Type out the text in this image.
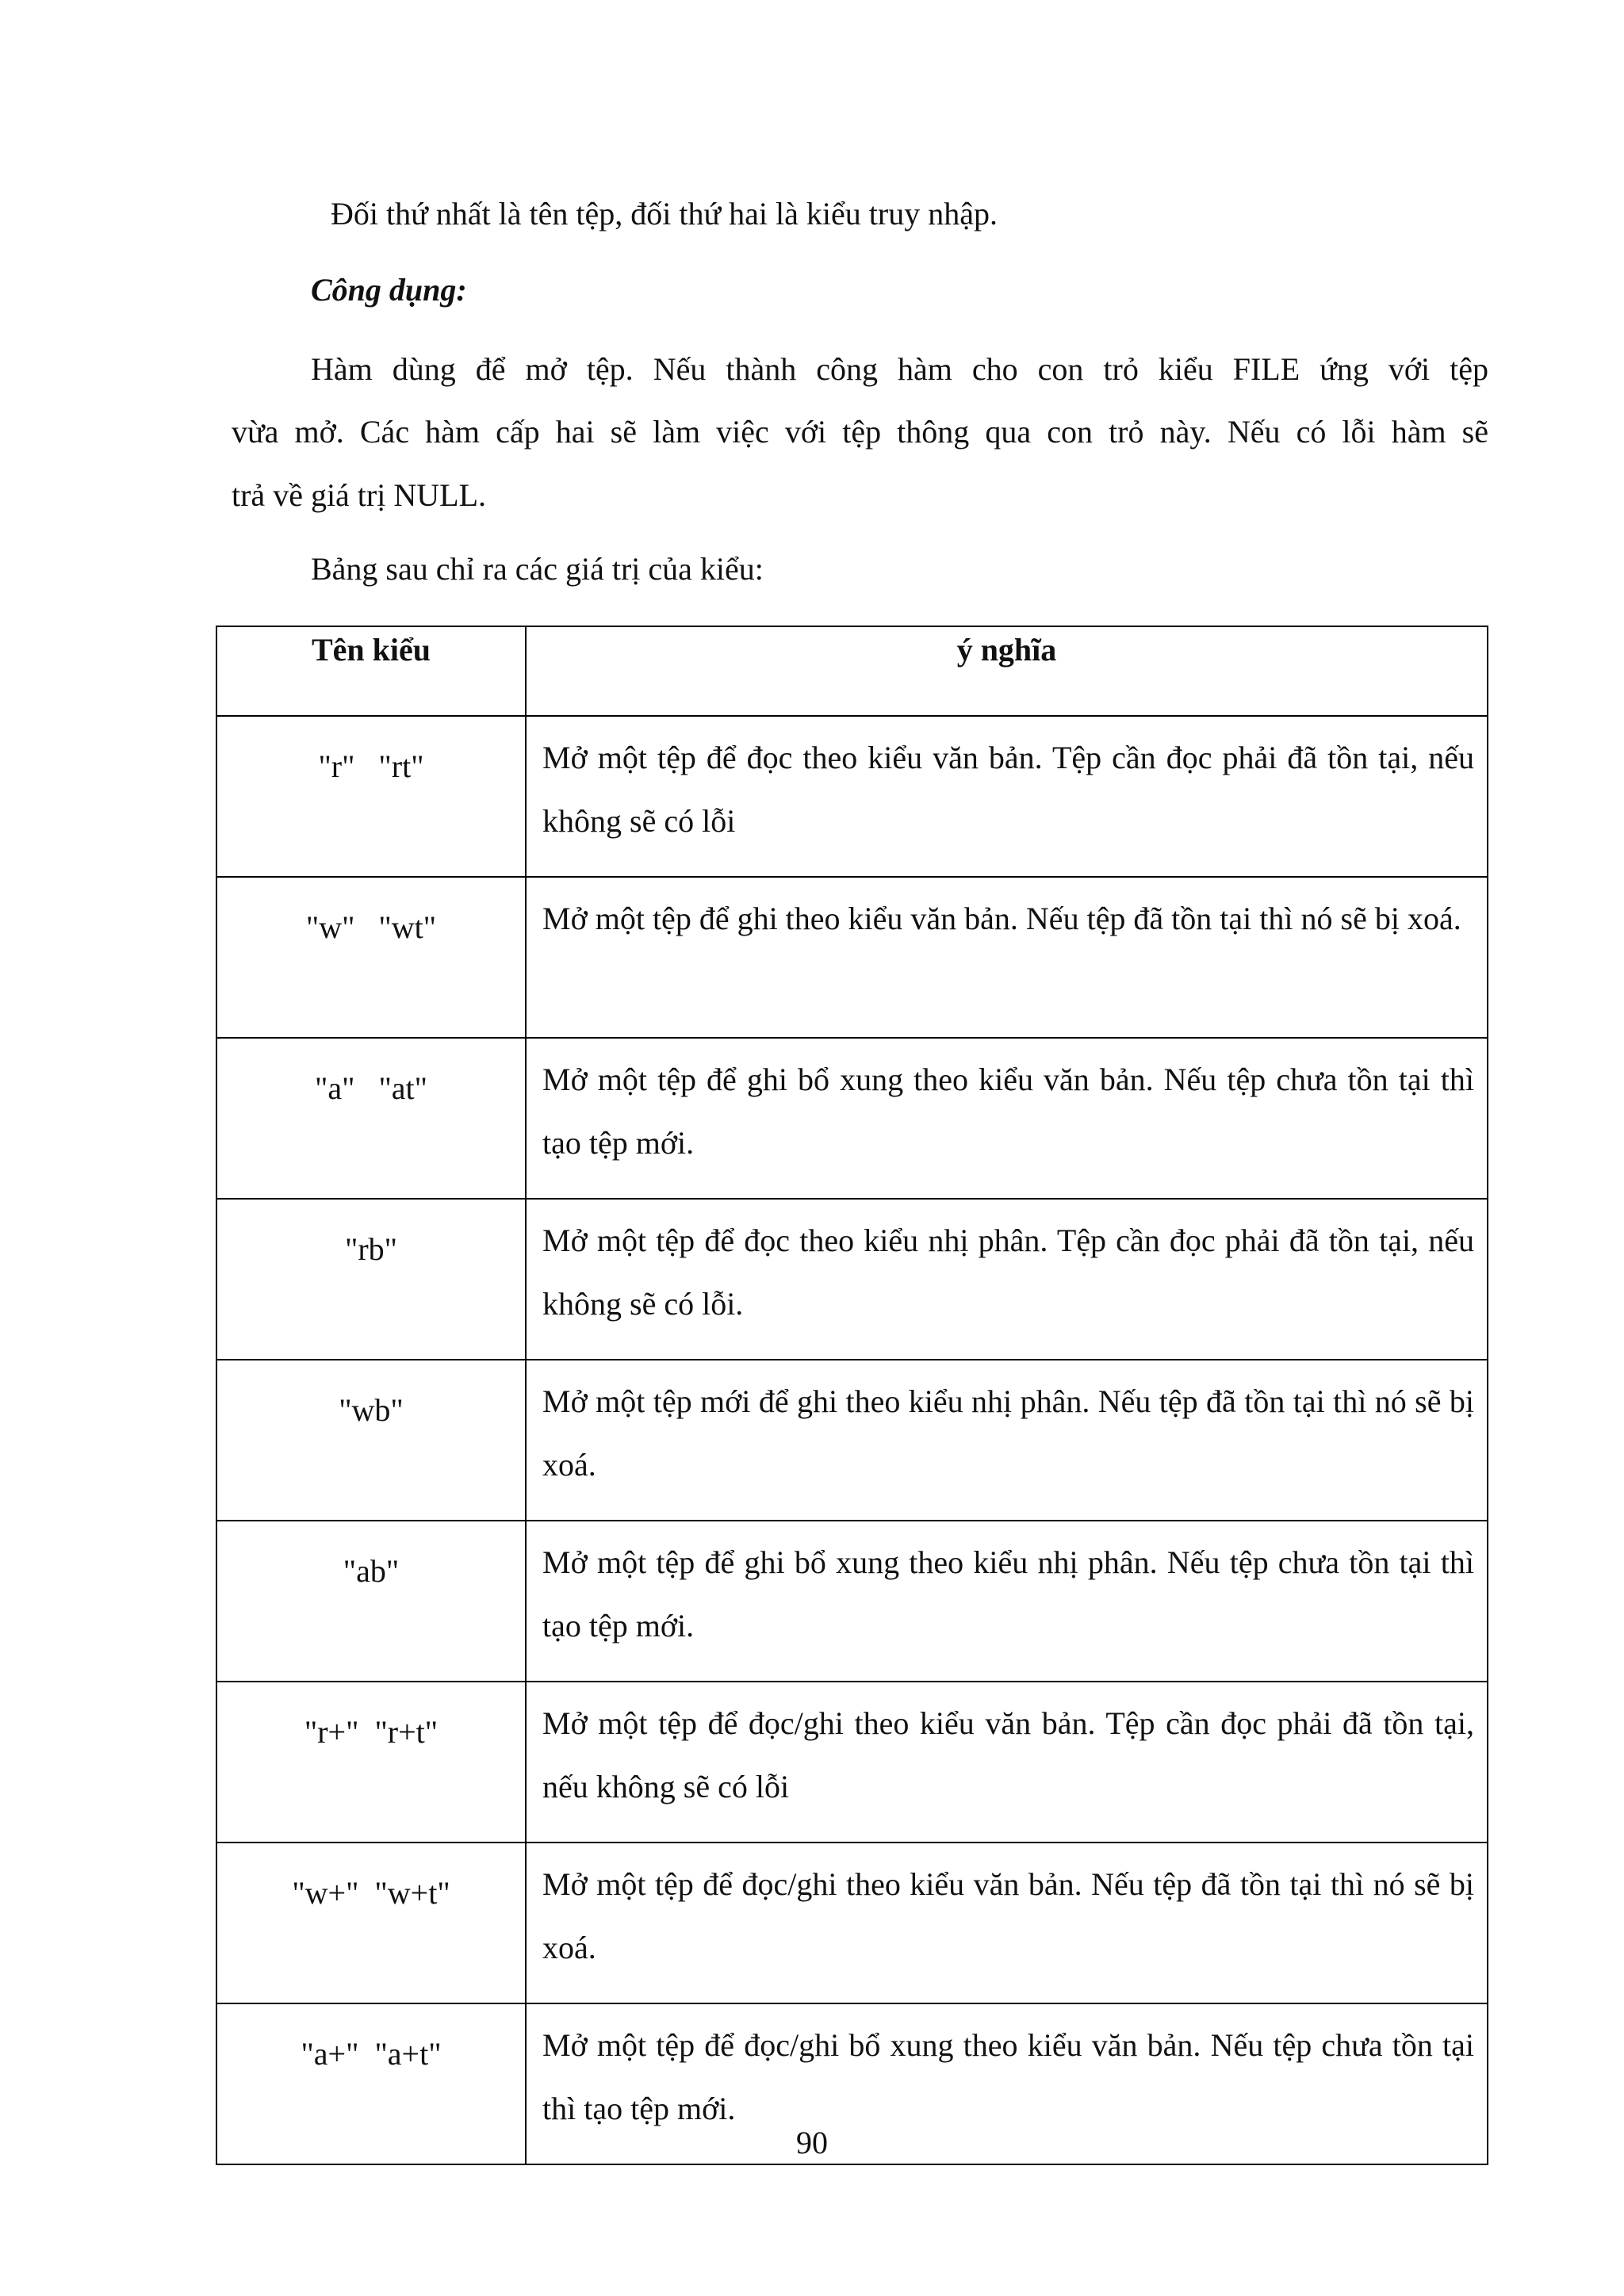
Đối thứ nhất là tên tệp, đối thứ hai là kiểu truy nhập.
Công dụng:
Hàm dùng để mở tệp. Nếu thành công hàm cho con trỏ kiểu FILE ứng với tệp
vừa mở. Các hàm cấp hai sẽ làm việc với tệp thông qua con trỏ này. Nếu có lỗi hàm sẽ
trả về giá trị NULL.
Bảng sau chỉ ra các giá trị của kiểu:
Tên kiểu	ý nghĩa

"r"   "rt"	Mở một tệp để đọc theo kiểu văn bản. Tệp cần đọc phải đã tồn tại, nếu không sẽ có lỗi

"w"   "wt"	Mở một tệp để ghi theo kiểu văn bản. Nếu tệp đã tồn tại thì nó sẽ bị xoá.

"a"   "at"	Mở một tệp để ghi bổ xung theo kiểu văn bản. Nếu tệp chưa tồn tại thì tạo tệp mới.

"rb"	Mở một tệp để đọc theo kiểu nhị phân. Tệp cần đọc phải đã tồn tại, nếu không sẽ có lỗi.

"wb"	Mở một tệp mới để ghi theo kiểu nhị phân. Nếu tệp đã tồn tại thì nó sẽ bị xoá.

"ab"	Mở một tệp để ghi bổ xung theo kiểu nhị phân. Nếu tệp chưa tồn tại thì tạo tệp mới.

"r+"  "r+t"	Mở một tệp để đọc/ghi theo kiểu văn bản. Tệp cần đọc phải đã tồn tại, nếu không sẽ có lỗi

"w+"  "w+t"	Mở một tệp để đọc/ghi theo kiểu văn bản. Nếu tệp đã tồn tại thì nó sẽ bị xoá.

"a+"  "a+t"	Mở một tệp để đọc/ghi bổ xung theo kiểu văn bản. Nếu tệp chưa tồn tại thì tạo tệp mới.
90
